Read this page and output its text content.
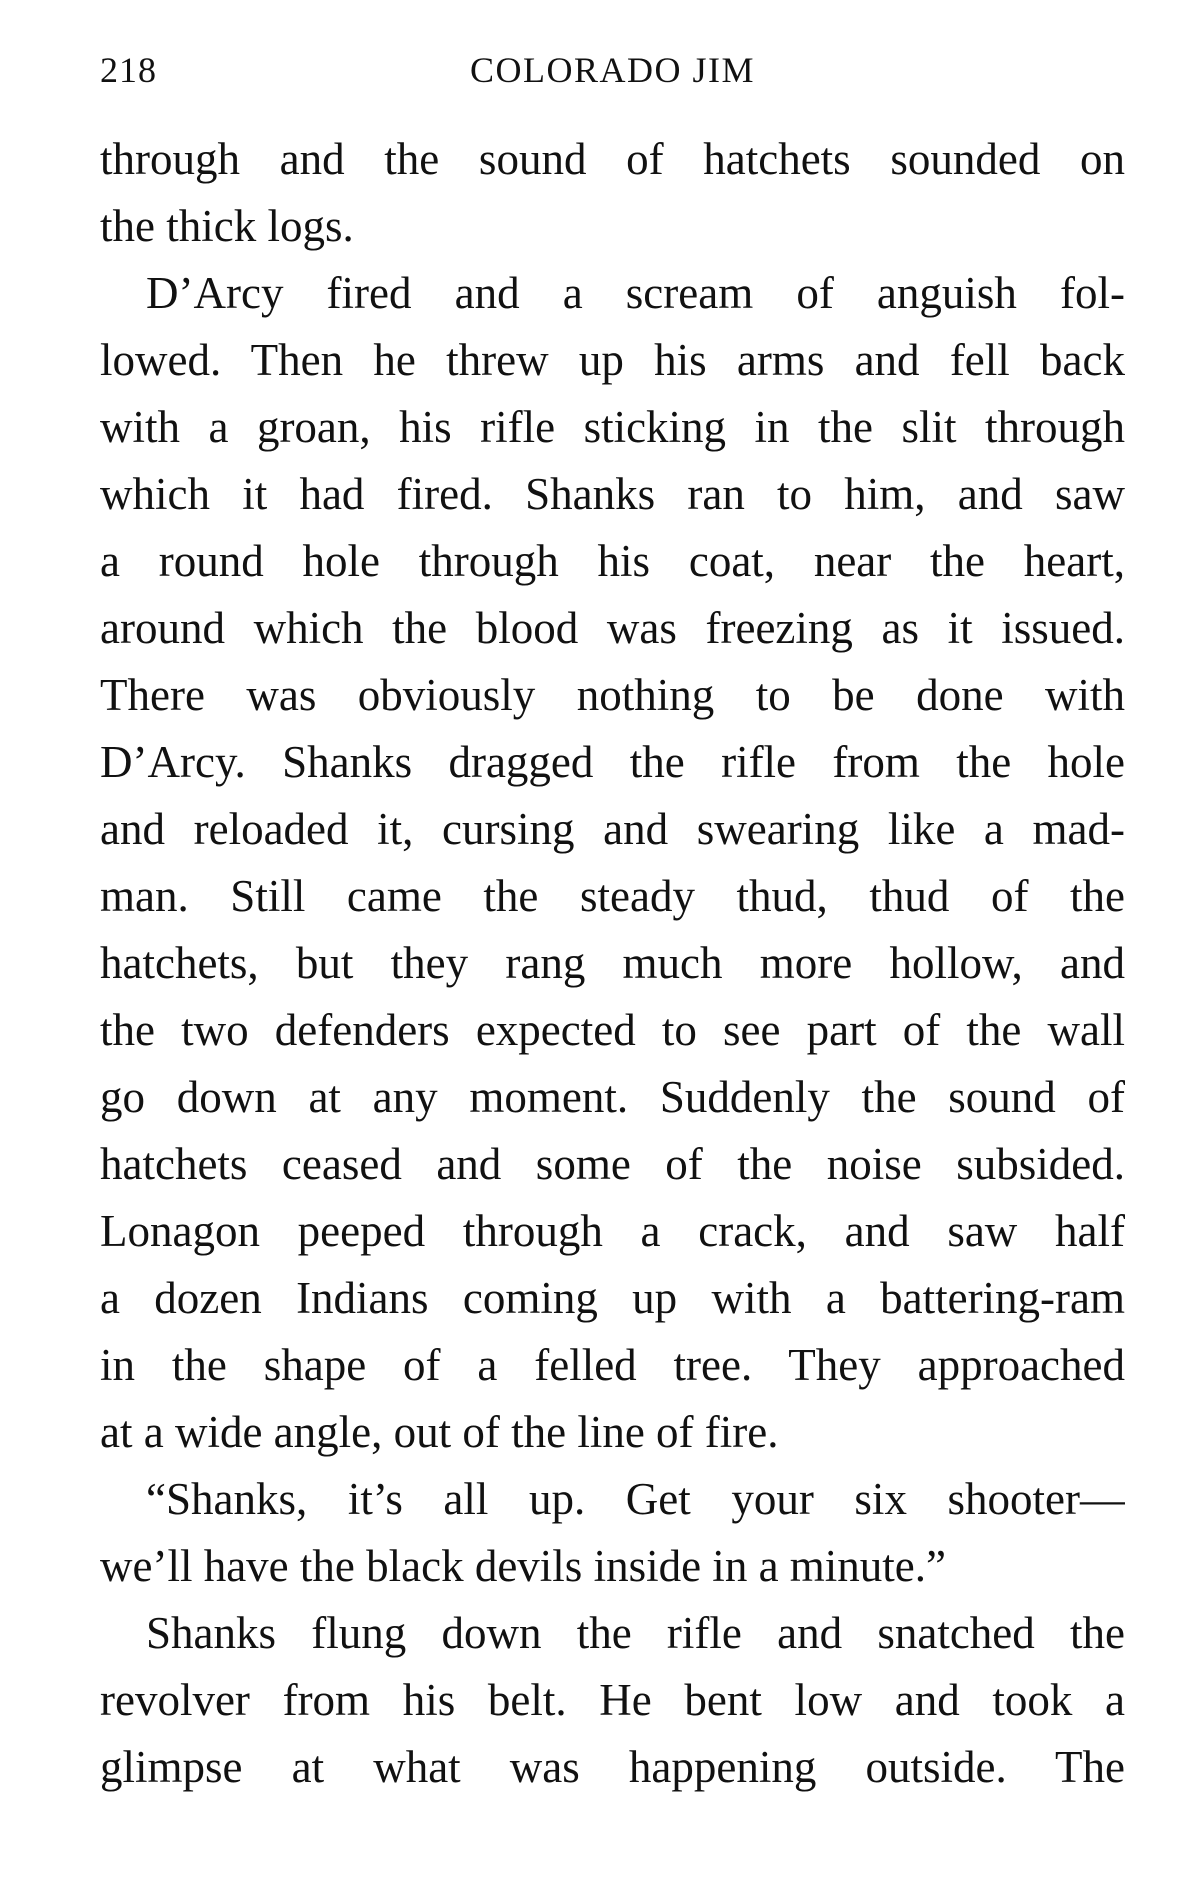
218	COLORADO JIM
through and the sound of hatchets sounded on
the thick logs.
D’Arcy fired and a scream of anguish fol-
lowed. Then he threw up his arms and fell back
with a groan, his rifle sticking in the slit through
which it had fired. Shanks ran to him, and saw
a round hole through his coat, near the heart,
around which the blood was freezing as it issued.
There was obviously nothing to be done with
D’Arcy. Shanks dragged the rifle from the hole
and reloaded it, cursing and swearing like a mad-
man. Still came the steady thud, thud of the
hatchets, but they rang much more hollow, and
the two defenders expected to see part of the wall
go down at any moment. Suddenly the sound of
hatchets ceased and some of the noise subsided.
Lonagon peeped through a crack, and saw half
a dozen Indians coming up with a battering-ram
in the shape of a felled tree. They approached
at a wide angle, out of the line of fire.
“Shanks, it’s all up. Get your six shooter—
we’ll have the black devils inside in a minute.”
Shanks flung down the rifle and snatched the
revolver from his belt. He bent low and took a
glimpse at what was happening outside. The
